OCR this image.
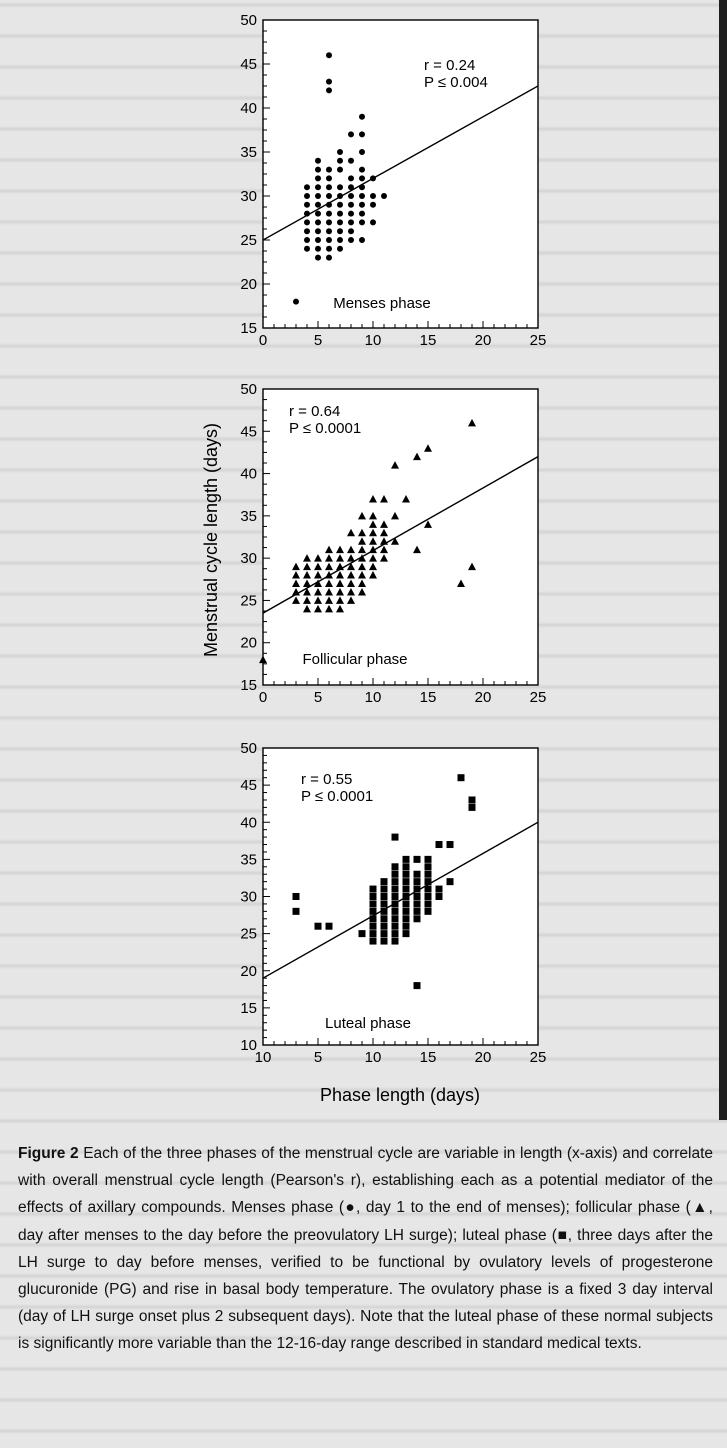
Menstrual cycle length (days)
Phase length (days)
15
20
25
30
35
40
45
50
0	5	10	15	20	25
r = 0.24
P ≤ 0.004
Menses phase
15
20
25
30
35
40
45
50
0	5	10	15	20	25
r = 0.64
P ≤ 0.0001
Follicular phase
10
15
20
25
30
35
40
45
50
10	5	10	15	20	25
r = 0.55
P ≤ 0.0001
Luteal phase
Figure 2 Each of the three phases of the menstrual cycle are variable in length (x-axis) and correlate with overall menstrual cycle length (Pearson's r), establishing each as a potential mediator of the effects of axillary compounds. Menses phase (●, day 1 to the end of menses); follicular phase (▲, day after menses to the day before the preovulatory LH surge); luteal phase (■, three days after the LH surge to day before menses, verified to be functional by ovulatory levels of progesterone glucuronide (PG) and rise in basal body temperature. The ovulatory phase is a fixed 3 day interval (day of LH surge onset plus 2 subsequent days). Note that the luteal phase of these normal subjects is significantly more variable than the 12-16-day range described in standard medical texts.
